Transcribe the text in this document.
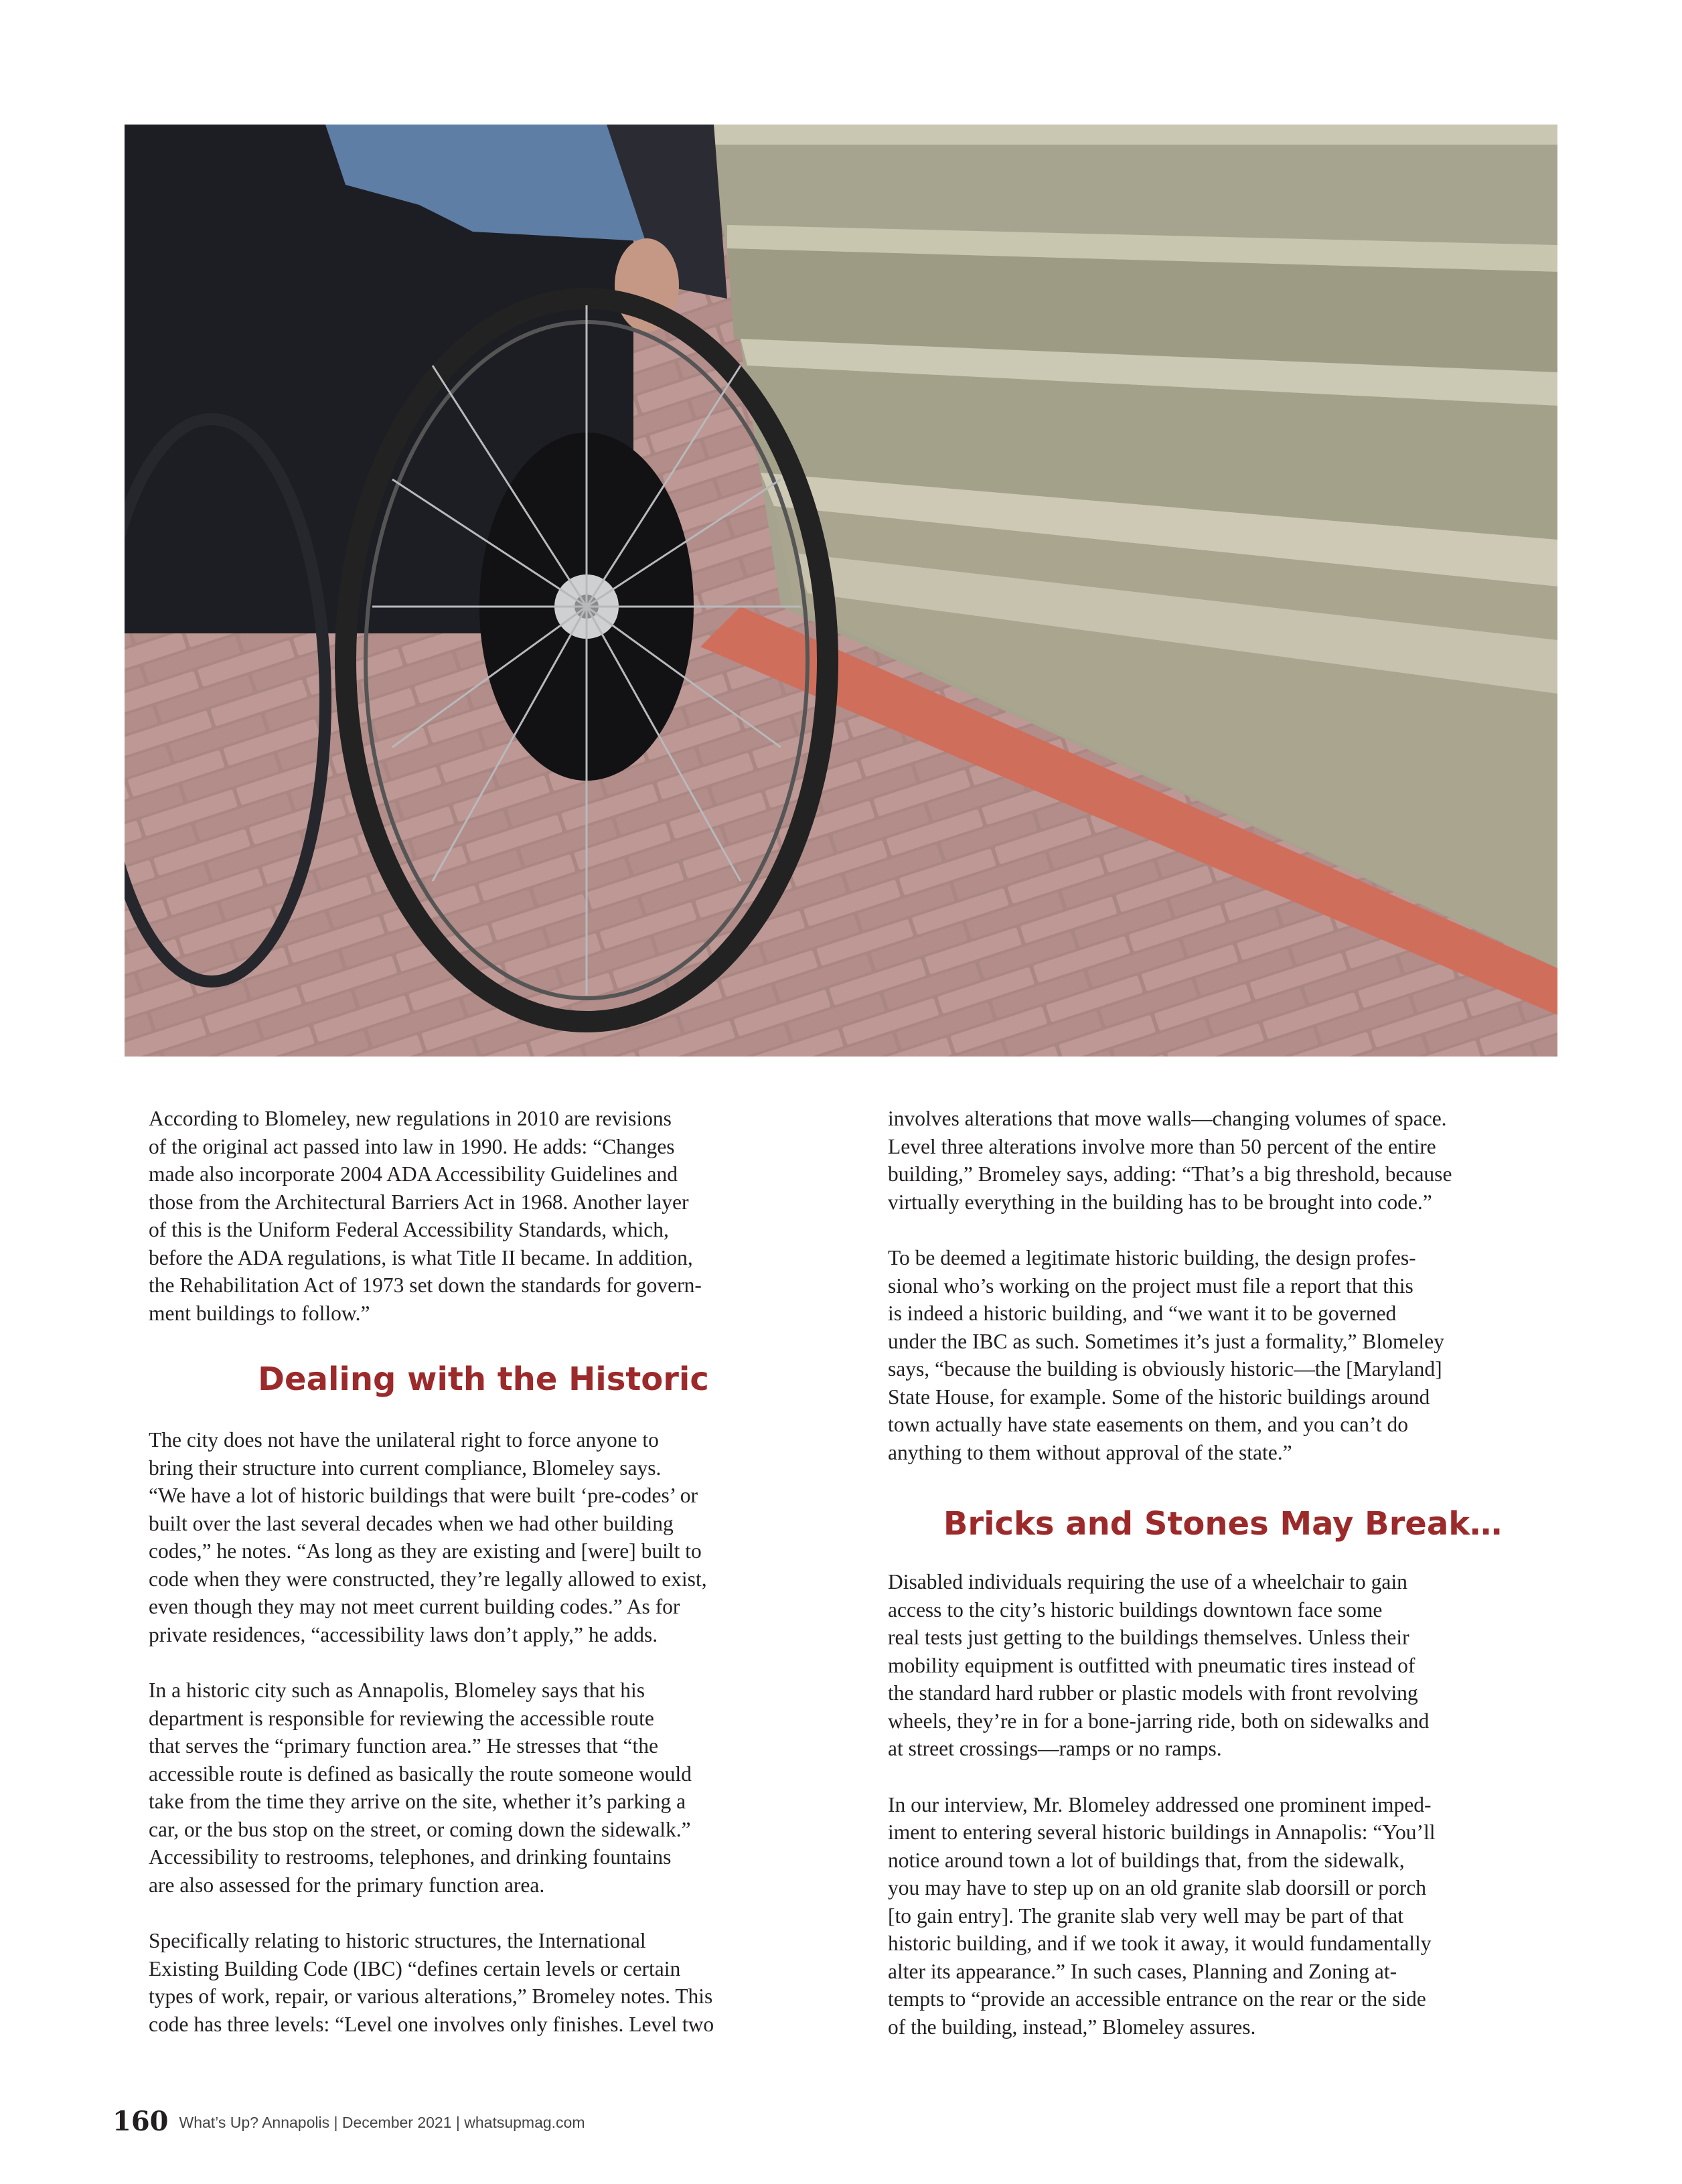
According to Blomeley, new regulations in 2010 are revisions
of the original act passed into law in 1990. He adds: “Changes
made also incorporate 2004 ADA Accessibility Guidelines and
those from the Architectural Barriers Act in 1968. Another layer
of this is the Uniform Federal Accessibility Standards, which,
before the ADA regulations, is what Title II became. In addition,
the Rehabilitation Act of 1973 set down the standards for govern-
ment buildings to follow.”

Dealing with the Historic

The city does not have the unilateral right to force anyone to
bring their structure into current compliance, Blomeley says.
“We have a lot of historic buildings that were built ‘pre-codes’ or
built over the last several decades when we had other building
codes,” he notes. “As long as they are existing and [were] built to
code when they were constructed, they’re legally allowed to exist,
even though they may not meet current building codes.” As for
private residences, “accessibility laws don’t apply,” he adds.

In a historic city such as Annapolis, Blomeley says that his
department is responsible for reviewing the accessible route
that serves the “primary function area.” He stresses that “the
accessible route is defined as basically the route someone would
take from the time they arrive on the site, whether it’s parking a
car, or the bus stop on the street, or coming down the sidewalk.”
Accessibility to restrooms, telephones, and drinking fountains
are also assessed for the primary function area.

Specifically relating to historic structures, the International
Existing Building Code (IBC) “defines certain levels or certain
types of work, repair, or various alterations,” Bromeley notes. This
code has three levels: “Level one involves only finishes. Level two

involves alterations that move walls—changing volumes of space.
Level three alterations involve more than 50 percent of the entire
building,” Bromeley says, adding: “That’s a big threshold, because
virtually everything in the building has to be brought into code.”

To be deemed a legitimate historic building, the design profes-
sional who’s working on the project must file a report that this
is indeed a historic building, and “we want it to be governed
under the IBC as such. Sometimes it’s just a formality,” Blomeley
says, “because the building is obviously historic—the [Maryland]
State House, for example. Some of the historic buildings around
town actually have state easements on them, and you can’t do
anything to them without approval of the state.”

Bricks and Stones May Break…

Disabled individuals requiring the use of a wheelchair to gain
access to the city’s historic buildings downtown face some
real tests just getting to the buildings themselves. Unless their
mobility equipment is outfitted with pneumatic tires instead of
the standard hard rubber or plastic models with front revolving
wheels, they’re in for a bone-jarring ride, both on sidewalks and
at street crossings—ramps or no ramps.

In our interview, Mr. Blomeley addressed one prominent imped-
iment to entering several historic buildings in Annapolis: “You’ll
notice around town a lot of buildings that, from the sidewalk,
you may have to step up on an old granite slab doorsill or porch
[to gain entry]. The granite slab very well may be part of that
historic building, and if we took it away, it would fundamentally
alter its appearance.” In such cases, Planning and Zoning at-
tempts to “provide an accessible entrance on the rear or the side
of the building, instead,” Blomeley assures.

160 What’s Up? Annapolis | December 2021 | whatsupmag.com
